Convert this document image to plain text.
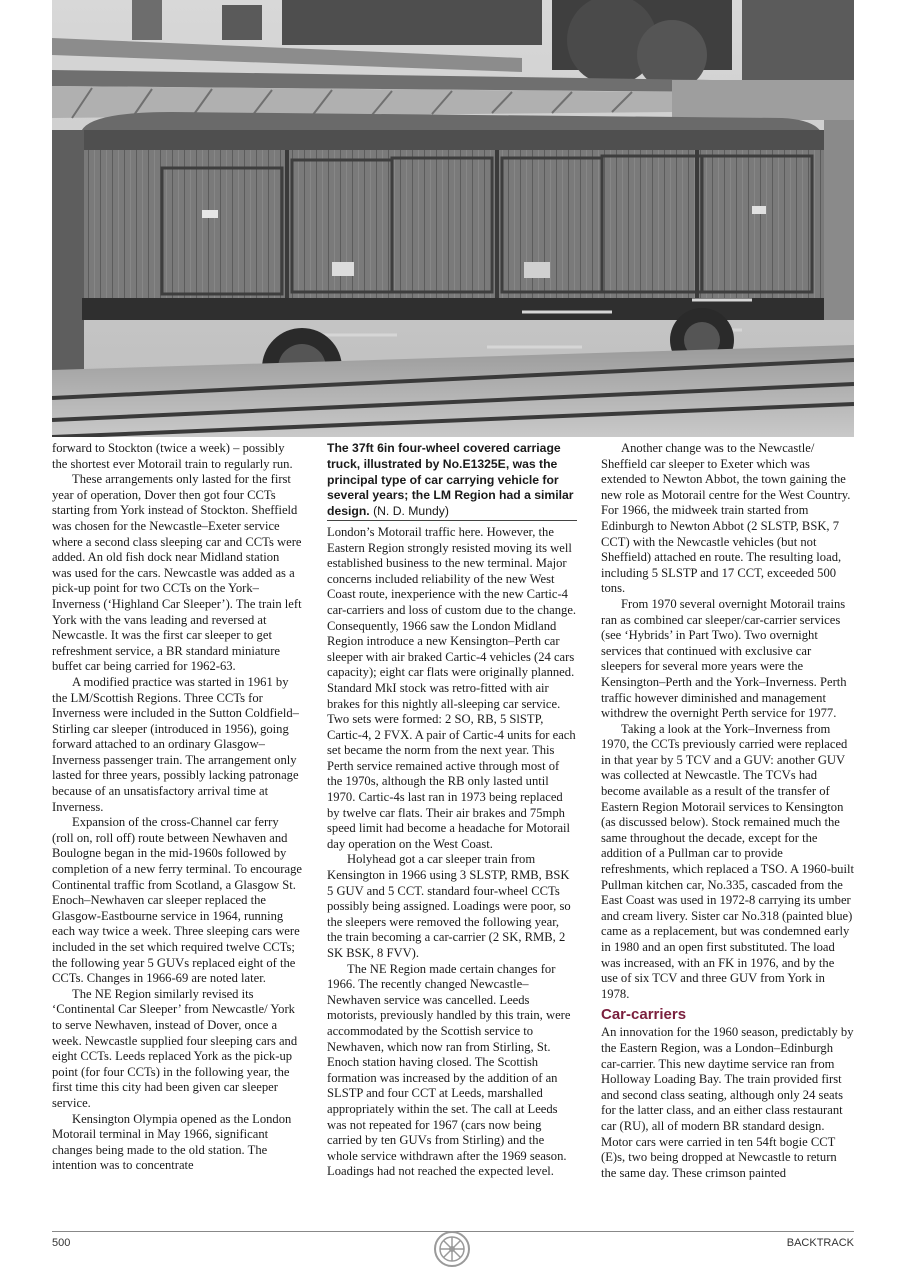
forward to Stockton (twice a week) – possibly the shortest ever Motorail train to regularly run.

These arrangements only lasted for the first year of operation, Dover then got four CCTs starting from York instead of Stockton. Sheffield was chosen for the Newcastle–Exeter service where a second class sleeping car and CCTs were added. An old fish dock near Midland station was used for the cars. Newcastle was added as a pick-up point for two CCTs on the York–Inverness (‘Highland Car Sleeper’). The train left York with the vans leading and reversed at Newcastle. It was the first car sleeper to get refreshment service, a BR standard miniature buffet car being carried for 1962-63.

A modified practice was started in 1961 by the LM/Scottish Regions. Three CCTs for Inverness were included in the Sutton Coldfield–Stirling car sleeper (introduced in 1956), going forward attached to an ordinary Glasgow–Inverness passenger train. The arrangement only lasted for three years, possibly lacking patronage because of an unsatisfactory arrival time at Inverness.

Expansion of the cross-Channel car ferry (roll on, roll off) route between Newhaven and Boulogne began in the mid-1960s followed by completion of a new ferry terminal. To encourage Continental traffic from Scotland, a Glasgow St. Enoch–Newhaven car sleeper replaced the Glasgow-Eastbourne service in 1964, running each way twice a week. Three sleeping cars were included in the set which required twelve CCTs; the following year 5 GUVs replaced eight of the CCTs. Changes in 1966-69 are noted later.

The NE Region similarly revised its ‘Continental Car Sleeper’ from Newcastle/ York to serve Newhaven, instead of Dover, once a week. Newcastle supplied four sleeping cars and eight CCTs. Leeds replaced York as the pick-up point (for four CCTs) in the following year, the first time this city had been given car sleeper service.

Kensington Olympia opened as the London Motorail terminal in May 1966, significant changes being made to the old station. The intention was to concentrate

The 37ft 6in four-wheel covered carriage truck, illustrated by No.E1325E, was the principal type of car carrying vehicle for several years; the LM Region had a similar design. (N. D. Mundy)

London’s Motorail traffic here. However, the Eastern Region strongly resisted moving its well established business to the new terminal. Major concerns included reliability of the new West Coast route, inexperience with the new Cartic-4 car-carriers and loss of custom due to the change. Consequently, 1966 saw the London Midland Region introduce a new Kensington–Perth car sleeper with air braked Cartic-4 vehicles (24 cars capacity); eight car flats were originally planned. Standard MkI stock was retro-fitted with air brakes for this nightly all-sleeping car service. Two sets were formed: 2 SO, RB, 5 SlSTP, Cartic-4, 2 FVX. A pair of Cartic-4 units for each set became the norm from the next year. This Perth service remained active through most of the 1970s, although the RB only lasted until 1970. Cartic-4s last ran in 1973 being replaced by twelve car flats. Their air brakes and 75mph speed limit had become a headache for Motorail day operation on the West Coast.

Holyhead got a car sleeper train from Kensington in 1966 using 3 SLSTP, RMB, BSK 5 GUV and 5 CCT. standard four-wheel CCTs possibly being assigned. Loadings were poor, so the sleepers were removed the following year, the train becoming a car-carrier (2 SK, RMB, 2 SK BSK, 8 FVV).

The NE Region made certain changes for 1966. The recently changed Newcastle–Newhaven service was cancelled. Leeds motorists, previously handled by this train, were accommodated by the Scottish service to Newhaven, which now ran from Stirling, St. Enoch station having closed. The Scottish formation was increased by the addition of an SLSTP and four CCT at Leeds, marshalled appropriately within the set. The call at Leeds was not repeated for 1967 (cars now being carried by ten GUVs from Stirling) and the whole service withdrawn after the 1969 season. Loadings had not reached the expected level.

Another change was to the Newcastle/ Sheffield car sleeper to Exeter which was extended to Newton Abbot, the town gaining the new role as Motorail centre for the West Country. For 1966, the midweek train started from Edinburgh to Newton Abbot (2 SLSTP, BSK, 7 CCT) with the Newcastle vehicles (but not Sheffield) attached en route. The resulting load, including 5 SLSTP and 17 CCT, exceeded 500 tons.

From 1970 several overnight Motorail trains ran as combined car sleeper/car-carrier services (see ‘Hybrids’ in Part Two). Two overnight services that continued with exclusive car sleepers for several more years were the Kensington–Perth and the York–Inverness. Perth traffic however diminished and management withdrew the overnight Perth service for 1977.

Taking a look at the York–Inverness from 1970, the CCTs previously carried were replaced in that year by 5 TCV and a GUV: another GUV was collected at Newcastle. The TCVs had become available as a result of the transfer of Eastern Region Motorail services to Kensington (as discussed below). Stock remained much the same throughout the decade, except for the addition of a Pullman car to provide refreshments, which replaced a TSO. A 1960-built Pullman kitchen car, No.335, cascaded from the East Coast was used in 1972-8 carrying its umber and cream livery. Sister car No.318 (painted blue) came as a replacement, but was condemned early in 1980 and an open first substituted. The load was increased, with an FK in 1976, and by the use of six TCV and three GUV from York in 1978.

Car-carriers

An innovation for the 1960 season, predictably by the Eastern Region, was a London–Edinburgh car-carrier. This new daytime service ran from Holloway Loading Bay. The train provided first and second class seating, although only 24 seats for the latter class, and an either class restaurant car (RU), all of modern BR standard design. Motor cars were carried in ten 54ft bogie CCT (E)s, two being dropped at Newcastle to return the same day. These crimson painted

500	BACKTRACK
